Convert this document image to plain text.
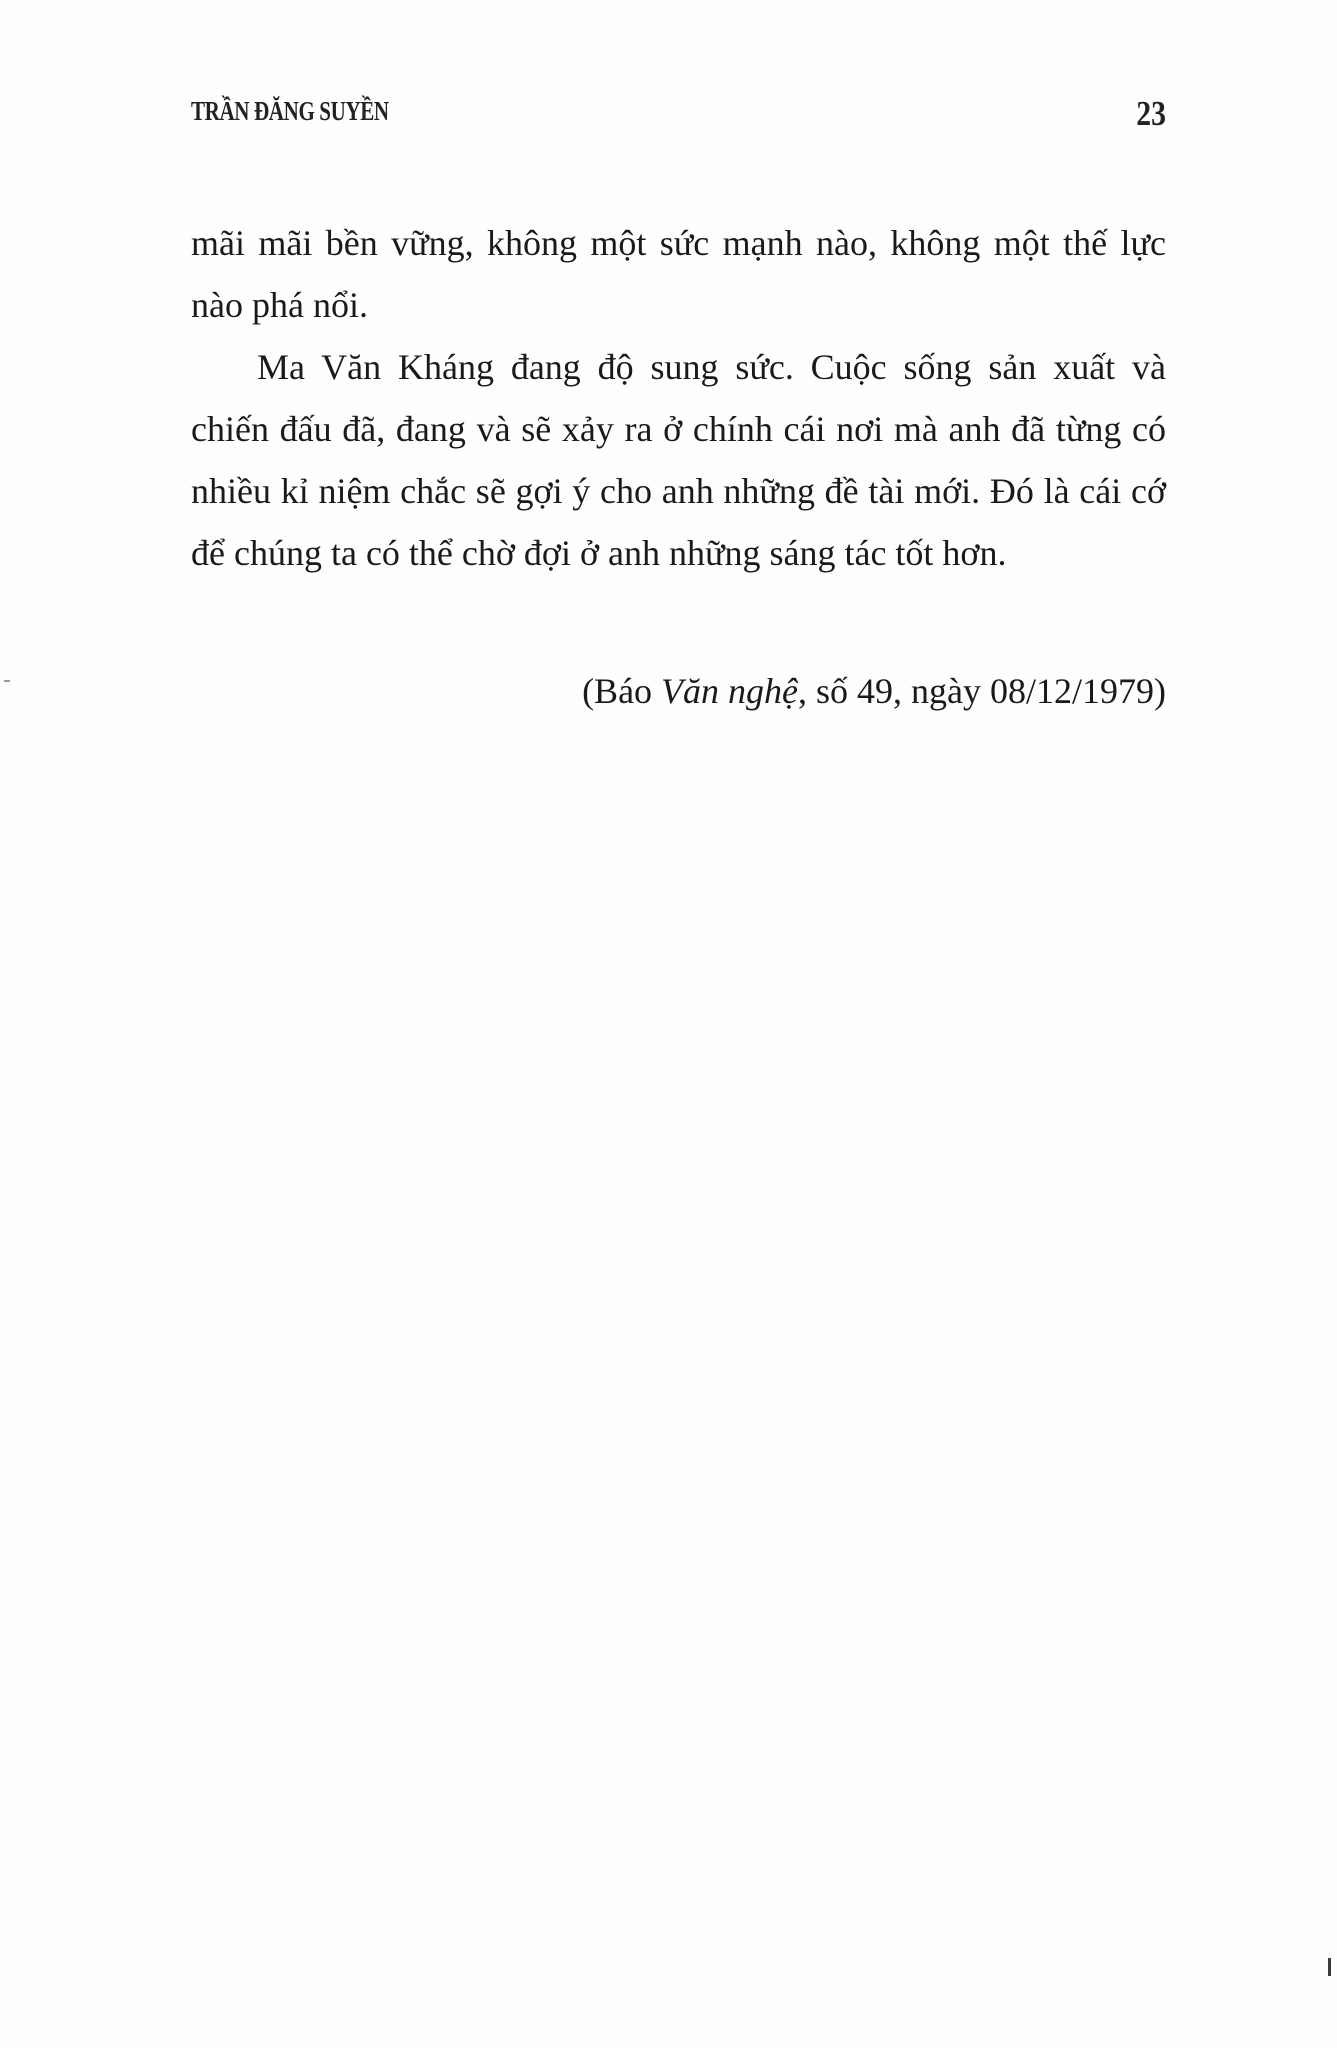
TRẦN ĐĂNG SUYỀN	23

mãi mãi bền vững, không một sức mạnh nào, không một thế lực nào phá nổi.

Ma Văn Kháng đang độ sung sức. Cuộc sống sản xuất và chiến đấu đã, đang và sẽ xảy ra ở chính cái nơi mà anh đã từng có nhiều kỉ niệm chắc sẽ gợi ý cho anh những đề tài mới. Đó là cái cớ để chúng ta có thể chờ đợi ở anh những sáng tác tốt hơn.

(Báo Văn nghệ, số 49, ngày 08/12/1979)
